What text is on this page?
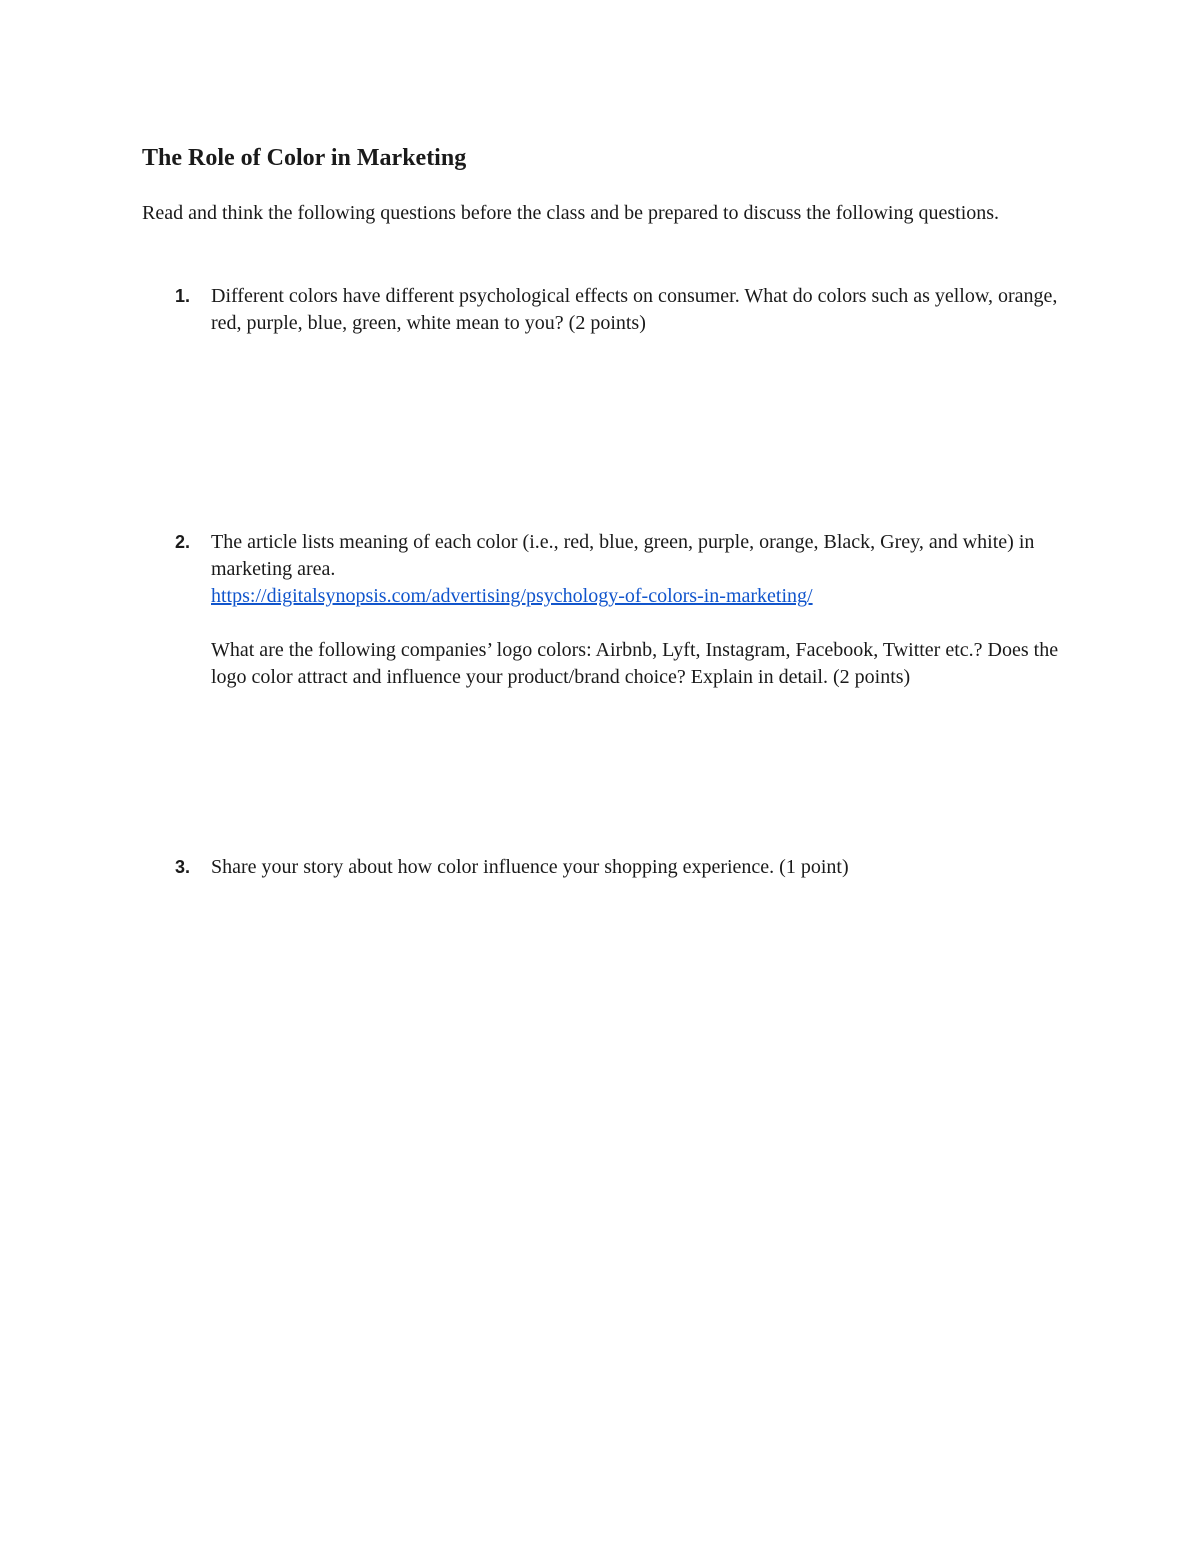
The Role of Color in Marketing

Read and think the following questions before the class and be prepared to discuss the following questions.

1. Different colors have different psychological effects on consumer. What do colors such as yellow, orange, red, purple, blue, green, white mean to you? (2 points)

2. The article lists meaning of each color (i.e., red, blue, green, purple, orange, Black, Grey, and white) in marketing area.

https://digitalsynopsis.com/advertising/psychology-of-colors-in-marketing/

What are the following companies’ logo colors: Airbnb, Lyft, Instagram, Facebook, Twitter etc.? Does the logo color attract and influence your product/brand choice? Explain in detail. (2 points)

3. Share your story about how color influence your shopping experience. (1 point)
